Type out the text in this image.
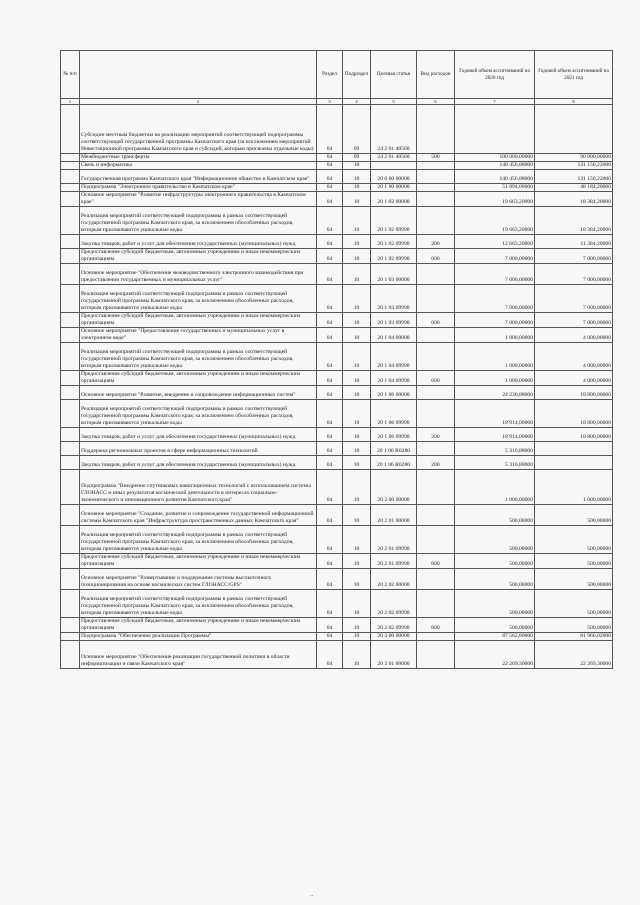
№ п/п		Раздел	Подраздел	Целевая статья	Вид расходов	Годовой объем ассигнований на 2020 год	Годовой объем ассигнований на 2021 год
1	2	3	4	5	6	7	8
	Субсидии местным бюджетам на реализацию мероприятий соответствующей подпрограммы соответствующей государственной программы Камчатского края (за исключением мероприятий Инвестиционной программы Камчатского края и субсидий, которым присвоены отдельные коды)	04	09	24 2 01 40560			
	Межбюджетные трансферты	04	09	24 2 01 40560	500	100 000,00000	90 000,00000
	Связь и информатика	04	10			140 456,88000	131 150,22000
	Государственная программа Камчатского края "Информационное общество в Камчатском крае"	04	10	20 0 00 00000		140 456,88000	131 150,22000
	Подпрограмма "Электронное правительство в Камчатском крае"	04	10	20 1 00 00000		51 894,08000	48 184,20000
	Основное мероприятие "Развитие инфраструктуры электронного правительства в Камчатском крае"	04	10	20 1 02 00000		19 663,20000	18 384,20000
	Реализация мероприятий соответствующей подпрограммы в рамках соответствующей государственной программы Камчатского края, за исключением обособленных расходов, которым присваиваются уникальные коды	04	10	20 1 02 09990		19 663,20000	18 384,20000
	Закупка товаров, работ и услуг для обеспечения государственных (муниципальных) нужд	04	10	20 1 02 09990	200	12 663,20000	11 384,20000
	Предоставление субсидий бюджетным, автономным учреждениям и иным некоммерческим организациям	04	10	20 1 02 09990	600	7 000,00000	7 000,00000
	Основное мероприятие "Обеспечение межведомственного электронного взаимодействия при предоставлении государственных и муниципальных услуг"	04	10	20 1 03 00000		7 000,00000	7 000,00000
	Реализация мероприятий соответствующей подпрограммы в рамках соответствующей государственной программы Камчатского края, за исключением обособленных расходов, которым присваиваются уникальные коды	04	10	20 1 03 09990		7 000,00000	7 000,00000
	Предоставление субсидий бюджетным, автономным учреждениям и иным некоммерческим организациям	04	10	20 1 03 09990	600	7 000,00000	7 000,00000
	Основное мероприятие "Предоставление государственных и муниципальных услуг в электронном виде"	04	10	20 1 04 00000		1 000,00000	4 000,00000
	Реализация мероприятий соответствующей подпрограммы в рамках соответствующей государственной программы Камчатского края, за исключением обособленных расходов, которым присваиваются уникальные коды	04	10	20 1 04 09990		1 000,00000	4 000,00000
	Предоставление субсидий бюджетным, автономным учреждениям и иным некоммерческим организациям	04	10	20 1 04 09990	600	1 000,00000	4 000,00000
	Основное мероприятие "Развитие, внедрение и сопровождение информационных систем"	04	10	20 1 06 00000		24 230,88000	18 800,00000
	Реализация мероприятий соответствующей подпрограммы в рамках соответствующей государственной программы Камчатского края, за исключением обособленных расходов, которым присваиваются уникальные коды	04	10	20 1 06 09990		18 914,00000	18 800,00000
	Закупка товаров, работ и услуг для обеспечения государственных (муниципальных) нужд	04	10	20 1 06 09990	200	18 914,00000	18 800,00000
	Поддержка региональных проектов в сфере информационных технологий	04	10	20 1 06 R0280		5 316,88000	
	Закупка товаров, работ и услуг для обеспечения государственных (муниципальных) нужд	04	10	20 1 06 R0280	200	5 316,88000	
	Подпрограмма "Внедрение спутниковых навигационных технологий с использованием системы ГЛОНАСС и иных результатов космической деятельности в интересах социально-экономического и инновационного развития Камчатского края"	04	10	20 2 00 00000		1 000,00000	1 000,00000
	Основное мероприятие "Создание, развитие и сопровождение государственной информационной системы Камчатского края "Инфраструктура пространственных данных Камчатского края"	04	10	20 2 01 00000		500,00000	500,00000
	Реализация мероприятий соответствующей подпрограммы в рамках соответствующей государственной программы Камчатского края, за исключением обособленных расходов, которым присваиваются уникальные коды	04	10	20 2 01 09990		500,00000	500,00000
	Предоставление субсидий бюджетным, автономным учреждениям и иным некоммерческим организациям	04	10	20 2 01 09990	600	500,00000	500,00000
	Основное мероприятие "Развертывание и поддержание системы высокоточного позиционирования на основе космических систем ГЛОНАСС/GPS"	04	10	20 2 02 00000		500,00000	500,00000
	Реализация мероприятий соответствующей подпрограммы в рамках соответствующей государственной программы Камчатского края, за исключением обособленных расходов, которым присваиваются уникальные коды	04	10	20 2 02 09990		500,00000	500,00000
	Предоставление субсидий бюджетным, автономным учреждениям и иным некоммерческим организациям	04	10	20 2 02 09990	600	500,00000	500,00000
	Подпрограмма "Обеспечение реализации Программы"	04	10	20 3 00 00000		87 562,80000	81 966,02000
	Основное мероприятие "Обеспечение реализации государственной политики в области информатизации и связи Камчатского края"	04	10	20 3 01 00000		22 269,30000	22 269,30000
..
